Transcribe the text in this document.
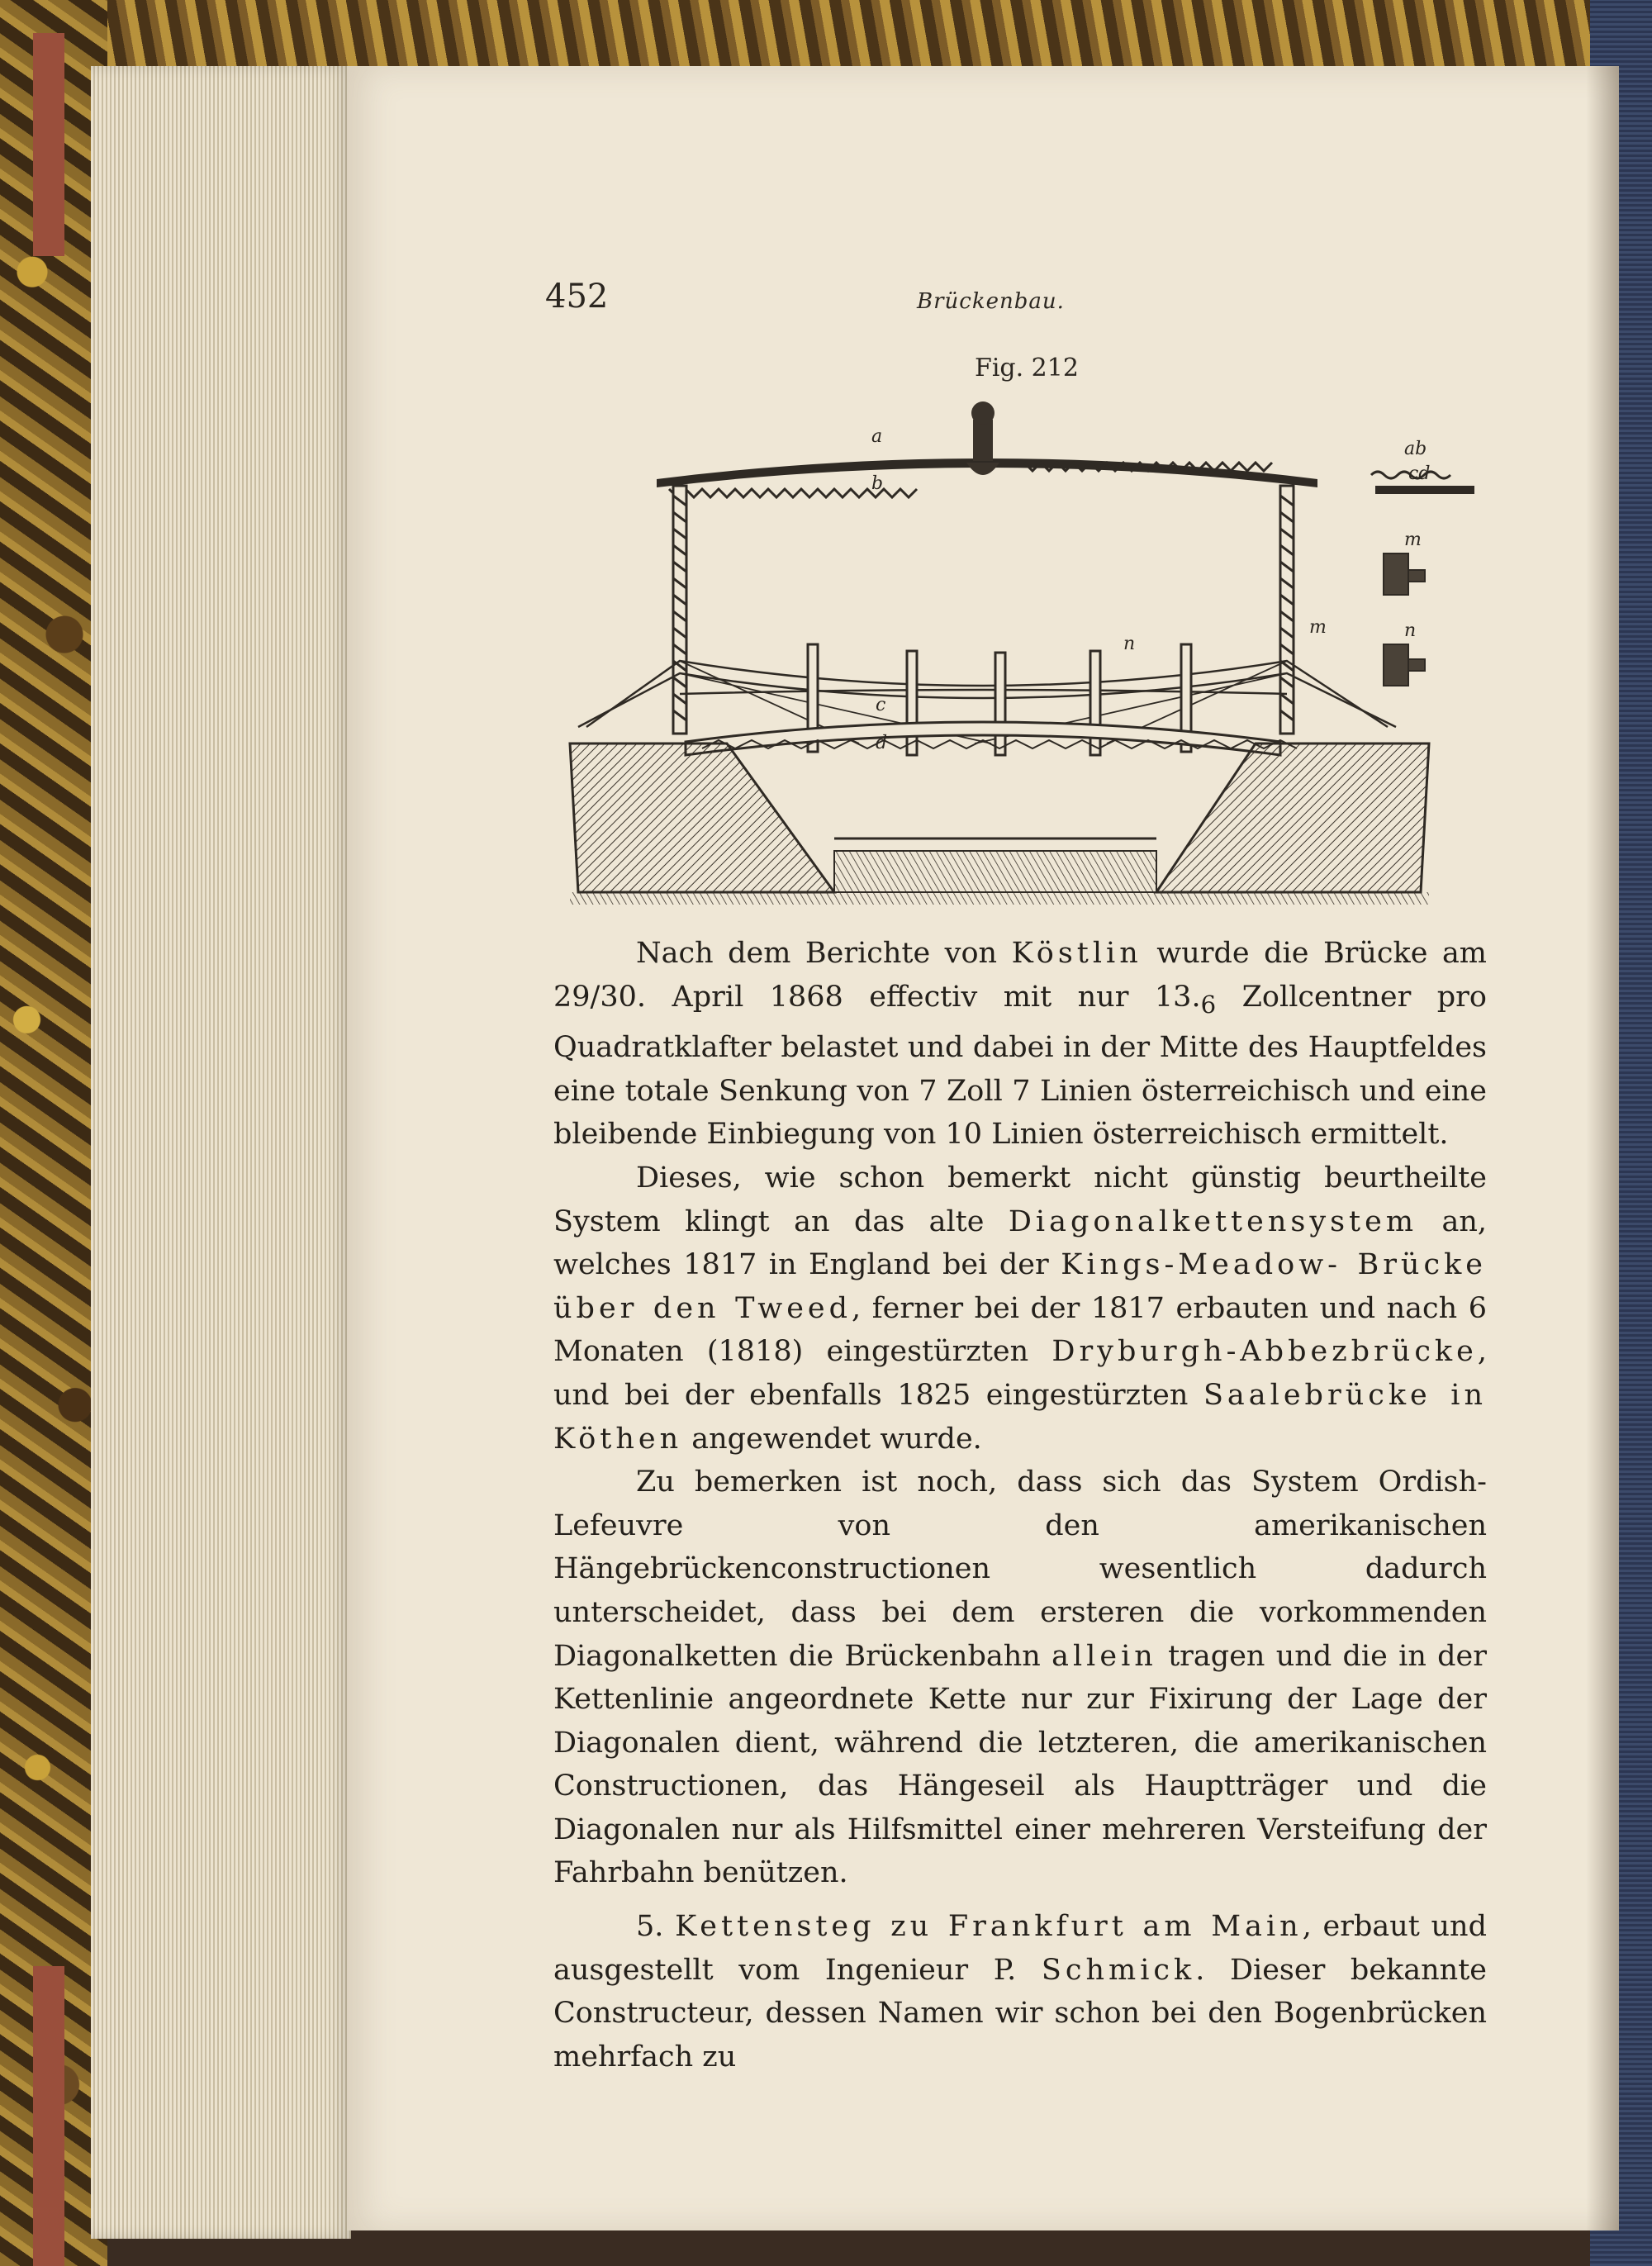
452	Brückenbau.
Fig. 212
a
b
c
d
n
m
ab
cd
m
n

Nach dem Berichte von Köstlin wurde die Brücke am 29/30. April 1868 effectiv mit nur $13._6$ Zollcentner pro Quadratklafter belastet und dabei in der Mitte des Hauptfeldes eine totale Senkung von 7 Zoll 7 Linien österreichisch und eine bleibende Einbiegung von 10 Linien österreichisch ermittelt.

Dieses, wie schon bemerkt nicht günstig beurtheilte System klingt an das alte Diagonalkettensystem an, welches 1817 in England bei der Kings-Meadow- Brücke über den Tweed, ferner bei der 1817 erbauten und nach 6 Monaten (1818) eingestürzten Dryburgh-Abbezbrücke, und bei der ebenfalls 1825 eingestürzten Saalebrücke in Köthen angewendet wurde.

Zu bemerken ist noch, dass sich das System Ordish-Lefeuvre von den amerikanischen Hängebrückenconstructionen wesentlich dadurch unterscheidet, dass bei dem ersteren die vorkommenden Diagonalketten die Brückenbahn allein tragen und die in der Kettenlinie angeordnete Kette nur zur Fixirung der Lage der Diagonalen dient, während die letzteren, die amerikanischen Constructionen, das Hängeseil als Hauptträger und die Diagonalen nur als Hilfsmittel einer mehreren Versteifung der Fahrbahn benützen.

5. Kettensteg zu Frankfurt am Main, erbaut und ausgestellt vom Ingenieur P. Schmick. Dieser bekannte Constructeur, dessen Namen wir schon bei den Bogenbrücken mehrfach zu
